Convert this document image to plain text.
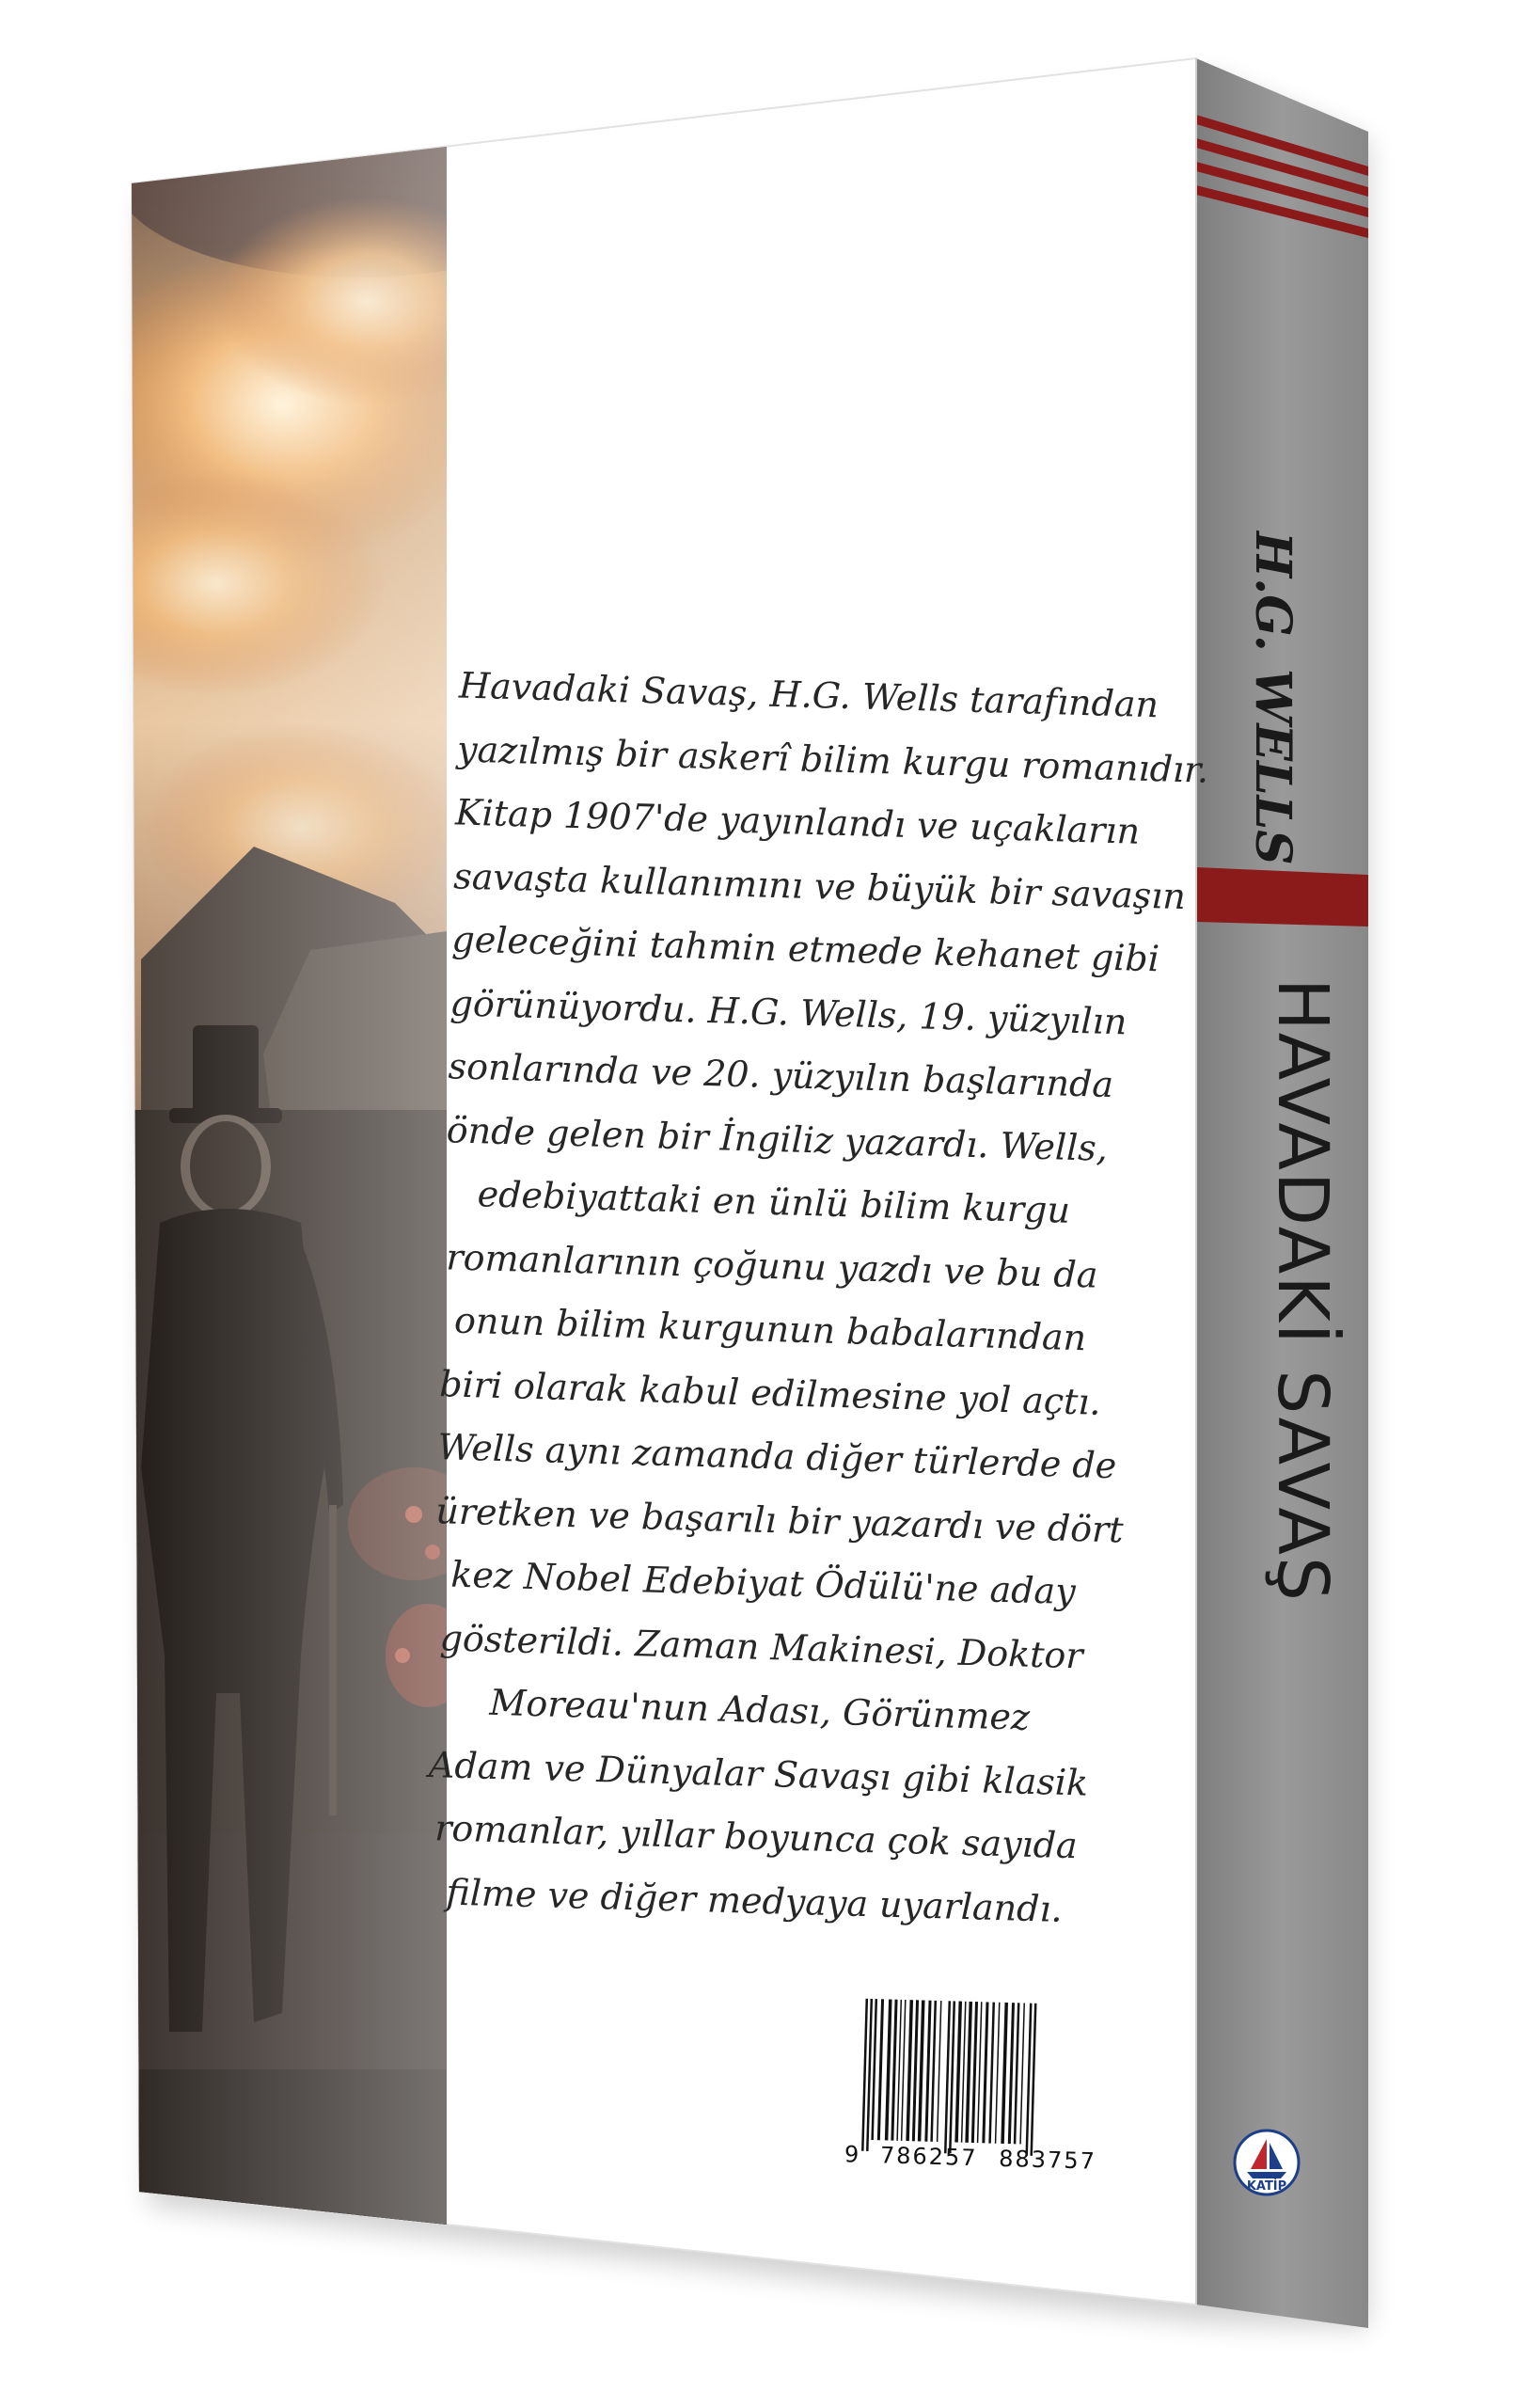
Havadaki Savaş, H.G. Wells tarafından
yazılmış bir askerî bilim kurgu romanıdır.
Kitap 1907'de yayınlandı ve uçakların
savaşta kullanımını ve büyük bir savaşın
geleceğini tahmin etmede kehanet gibi
görünüyordu. H.G. Wells, 19. yüzyılın
sonlarında ve 20. yüzyılın başlarında
önde gelen bir İngiliz yazardı. Wells,
edebiyattaki en ünlü bilim kurgu
romanlarının çoğunu yazdı ve bu da
onun bilim kurgunun babalarından
biri olarak kabul edilmesine yol açtı.
Wells aynı zamanda diğer türlerde de
üretken ve başarılı bir yazardı ve dört
kez Nobel Edebiyat Ödülü'ne aday
gösterildi. Zaman Makinesi, Doktor
Moreau'nun Adası, Görünmez
Adam ve Dünyalar Savaşı gibi klasik
romanlar, yıllar boyunca çok sayıda
filme ve diğer medyaya uyarlandı.

9 786257 883757
H.G. WELLS
HAVADAKİ SAVAŞ
KATİP
